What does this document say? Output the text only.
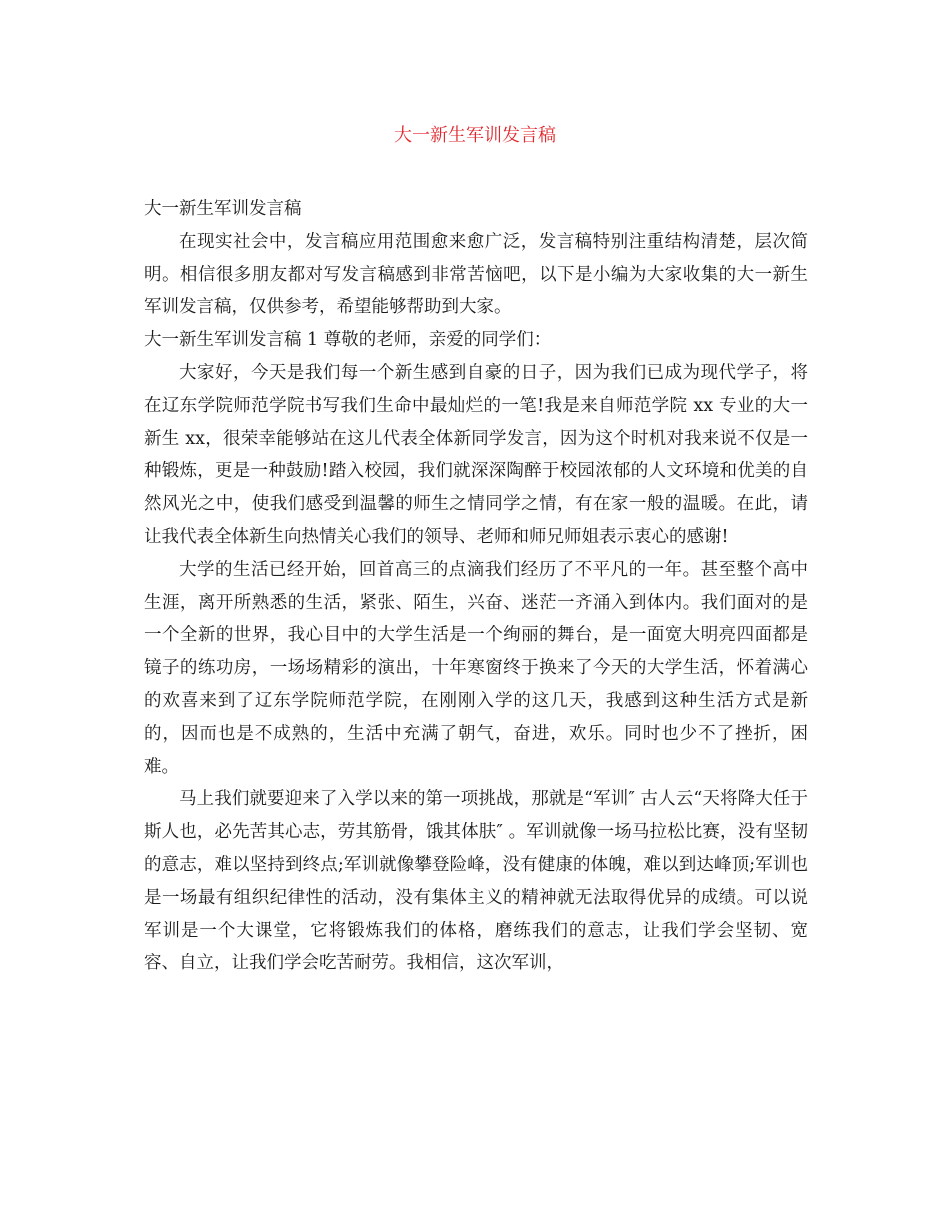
大一新生军训发言稿

大一新生军训发言稿

在现实社会中，发言稿应用范围愈来愈广泛，发言稿特别注重结构清楚，层次简明。相信很多朋友都对写发言稿感到非常苦恼吧，以下是小编为大家收集的大一新生军训发言稿，仅供参考，希望能够帮助到大家。

大一新生军训发言稿 1 尊敬的老师，亲爱的同学们：

大家好，今天是我们每一个新生感到自豪的日子，因为我们已成为现代学子，将在辽东学院师范学院书写我们生命中最灿烂的一笔!我是来自师范学院 xx 专业的大一新生 xx，很荣幸能够站在这儿代表全体新同学发言，因为这个时机对我来说不仅是一种锻炼，更是一种鼓励!踏入校园，我们就深深陶醉于校园浓郁的人文环境和优美的自然风光之中，使我们感受到温馨的师生之情同学之情，有在家一般的温暖。在此，请让我代表全体新生向热情关心我们的领导、老师和师兄师姐表示衷心的感谢!

大学的生活已经开始，回首高三的点滴我们经历了不平凡的一年。甚至整个高中生涯，离开所熟悉的生活，紧张、陌生，兴奋、迷茫一齐涌入到体内。我们面对的是一个全新的世界，我心目中的大学生活是一个绚丽的舞台，是一面宽大明亮四面都是镜子的练功房，一场场精彩的演出，十年寒窗终于换来了今天的大学生活，怀着满心的欢喜来到了辽东学院师范学院，在刚刚入学的这几天，我感到这种生活方式是新的，因而也是不成熟的，生活中充满了朝气，奋进，欢乐。同时也少不了挫折，困难。

马上我们就要迎来了入学以来的第一项挑战，那就是“军训″ 古人云“天将降大任于斯人也，必先苦其心志，劳其筋骨，饿其体肤″ 。军训就像一场马拉松比赛，没有坚韧的意志，难以坚持到终点;军训就像攀登险峰，没有健康的体魄，难以到达峰顶;军训也是一场最有组织纪律性的活动，没有集体主义的精神就无法取得优异的成绩。可以说军训是一个大课堂，它将锻炼我们的体格，磨练我们的意志，让我们学会坚韧、宽容、自立，让我们学会吃苦耐劳。我相信，这次军训，
